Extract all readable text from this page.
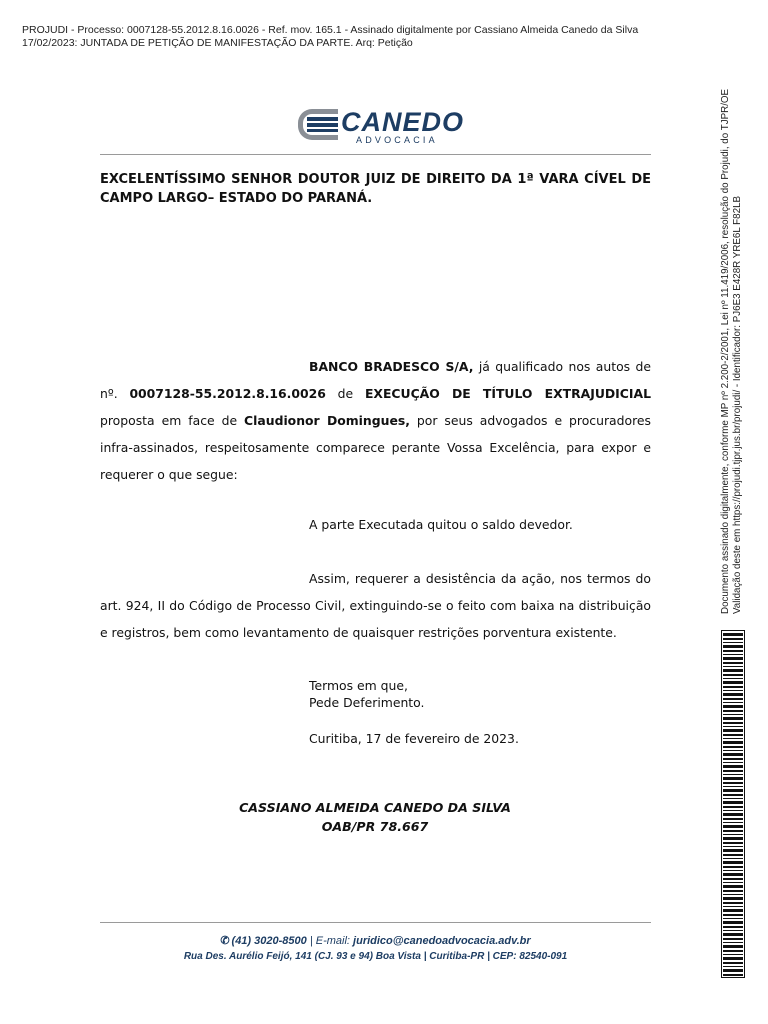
PROJUDI - Processo: 0007128-55.2012.8.16.0026 - Ref. mov. 165.1 - Assinado digitalmente por Cassiano Almeida Canedo da Silva
17/02/2023: JUNTADA DE PETIÇÃO DE MANIFESTAÇÃO DA PARTE. Arq: Petição
CANEDO
ADVOCACIA
EXCELENTÍSSIMO SENHOR DOUTOR JUIZ DE DIREITO DA 1ª VARA CÍVEL DE CAMPO LARGO– ESTADO DO PARANÁ.
BANCO BRADESCO S/A, já qualificado nos autos de nº. 0007128-55.2012.8.16.0026 de EXECUÇÃO DE TÍTULO EXTRAJUDICIAL proposta em face de Claudionor Domingues, por seus advogados e procuradores infra-assinados, respeitosamente comparece perante Vossa Excelência, para expor e requerer o que segue:
A parte Executada quitou o saldo devedor.
Assim, requerer a desistência da ação, nos termos do art. 924, II do Código de Processo Civil, extinguindo-se o feito com baixa na distribuição e registros, bem como levantamento de quaisquer restrições porventura existente.
Termos em que,
Pede Deferimento.
Curitiba, 17 de fevereiro de 2023.
CASSIANO ALMEIDA CANEDO DA SILVA
OAB/PR 78.667
✆ (41) 3020-8500 | E-mail: juridico@canedoadvocacia.adv.br
Rua Des. Aurélio Feijó, 141 (CJ. 93 e 94) Boa Vista | Curitiba-PR | CEP: 82540-091
Documento assinado digitalmente, conforme MP nº 2.200-2/2001, Lei nº 11.419/2006, resolução do Projudi, do TJPR/OE Validação deste em https://projudi.tjpr.jus.br/projudi/ - Identificador: PJ6E3 E428R YRE6L F82LB
